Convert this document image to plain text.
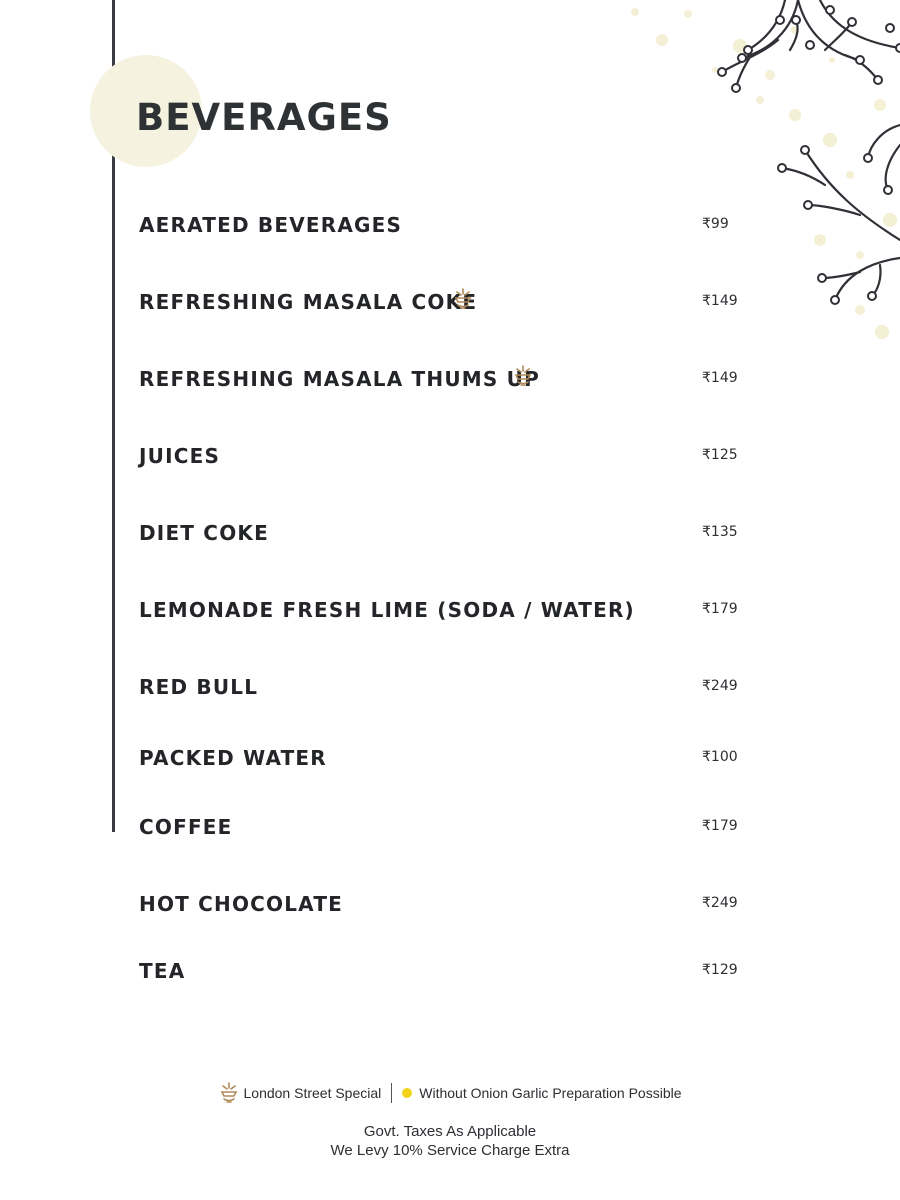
BEVERAGES
AERATED BEVERAGES	₹99
REFRESHING MASALA COKE	₹149
REFRESHING MASALA THUMS UP	₹149
JUICES	₹125
DIET COKE	₹135
LEMONADE FRESH LIME (SODA / WATER)	₹179
RED BULL	₹249
PACKED WATER	₹100
COFFEE	₹179
HOT CHOCOLATE	₹249
TEA	₹129
London Street Special	Without Onion Garlic Preparation Possible
Govt. Taxes As Applicable
We Levy 10% Service Charge Extra
